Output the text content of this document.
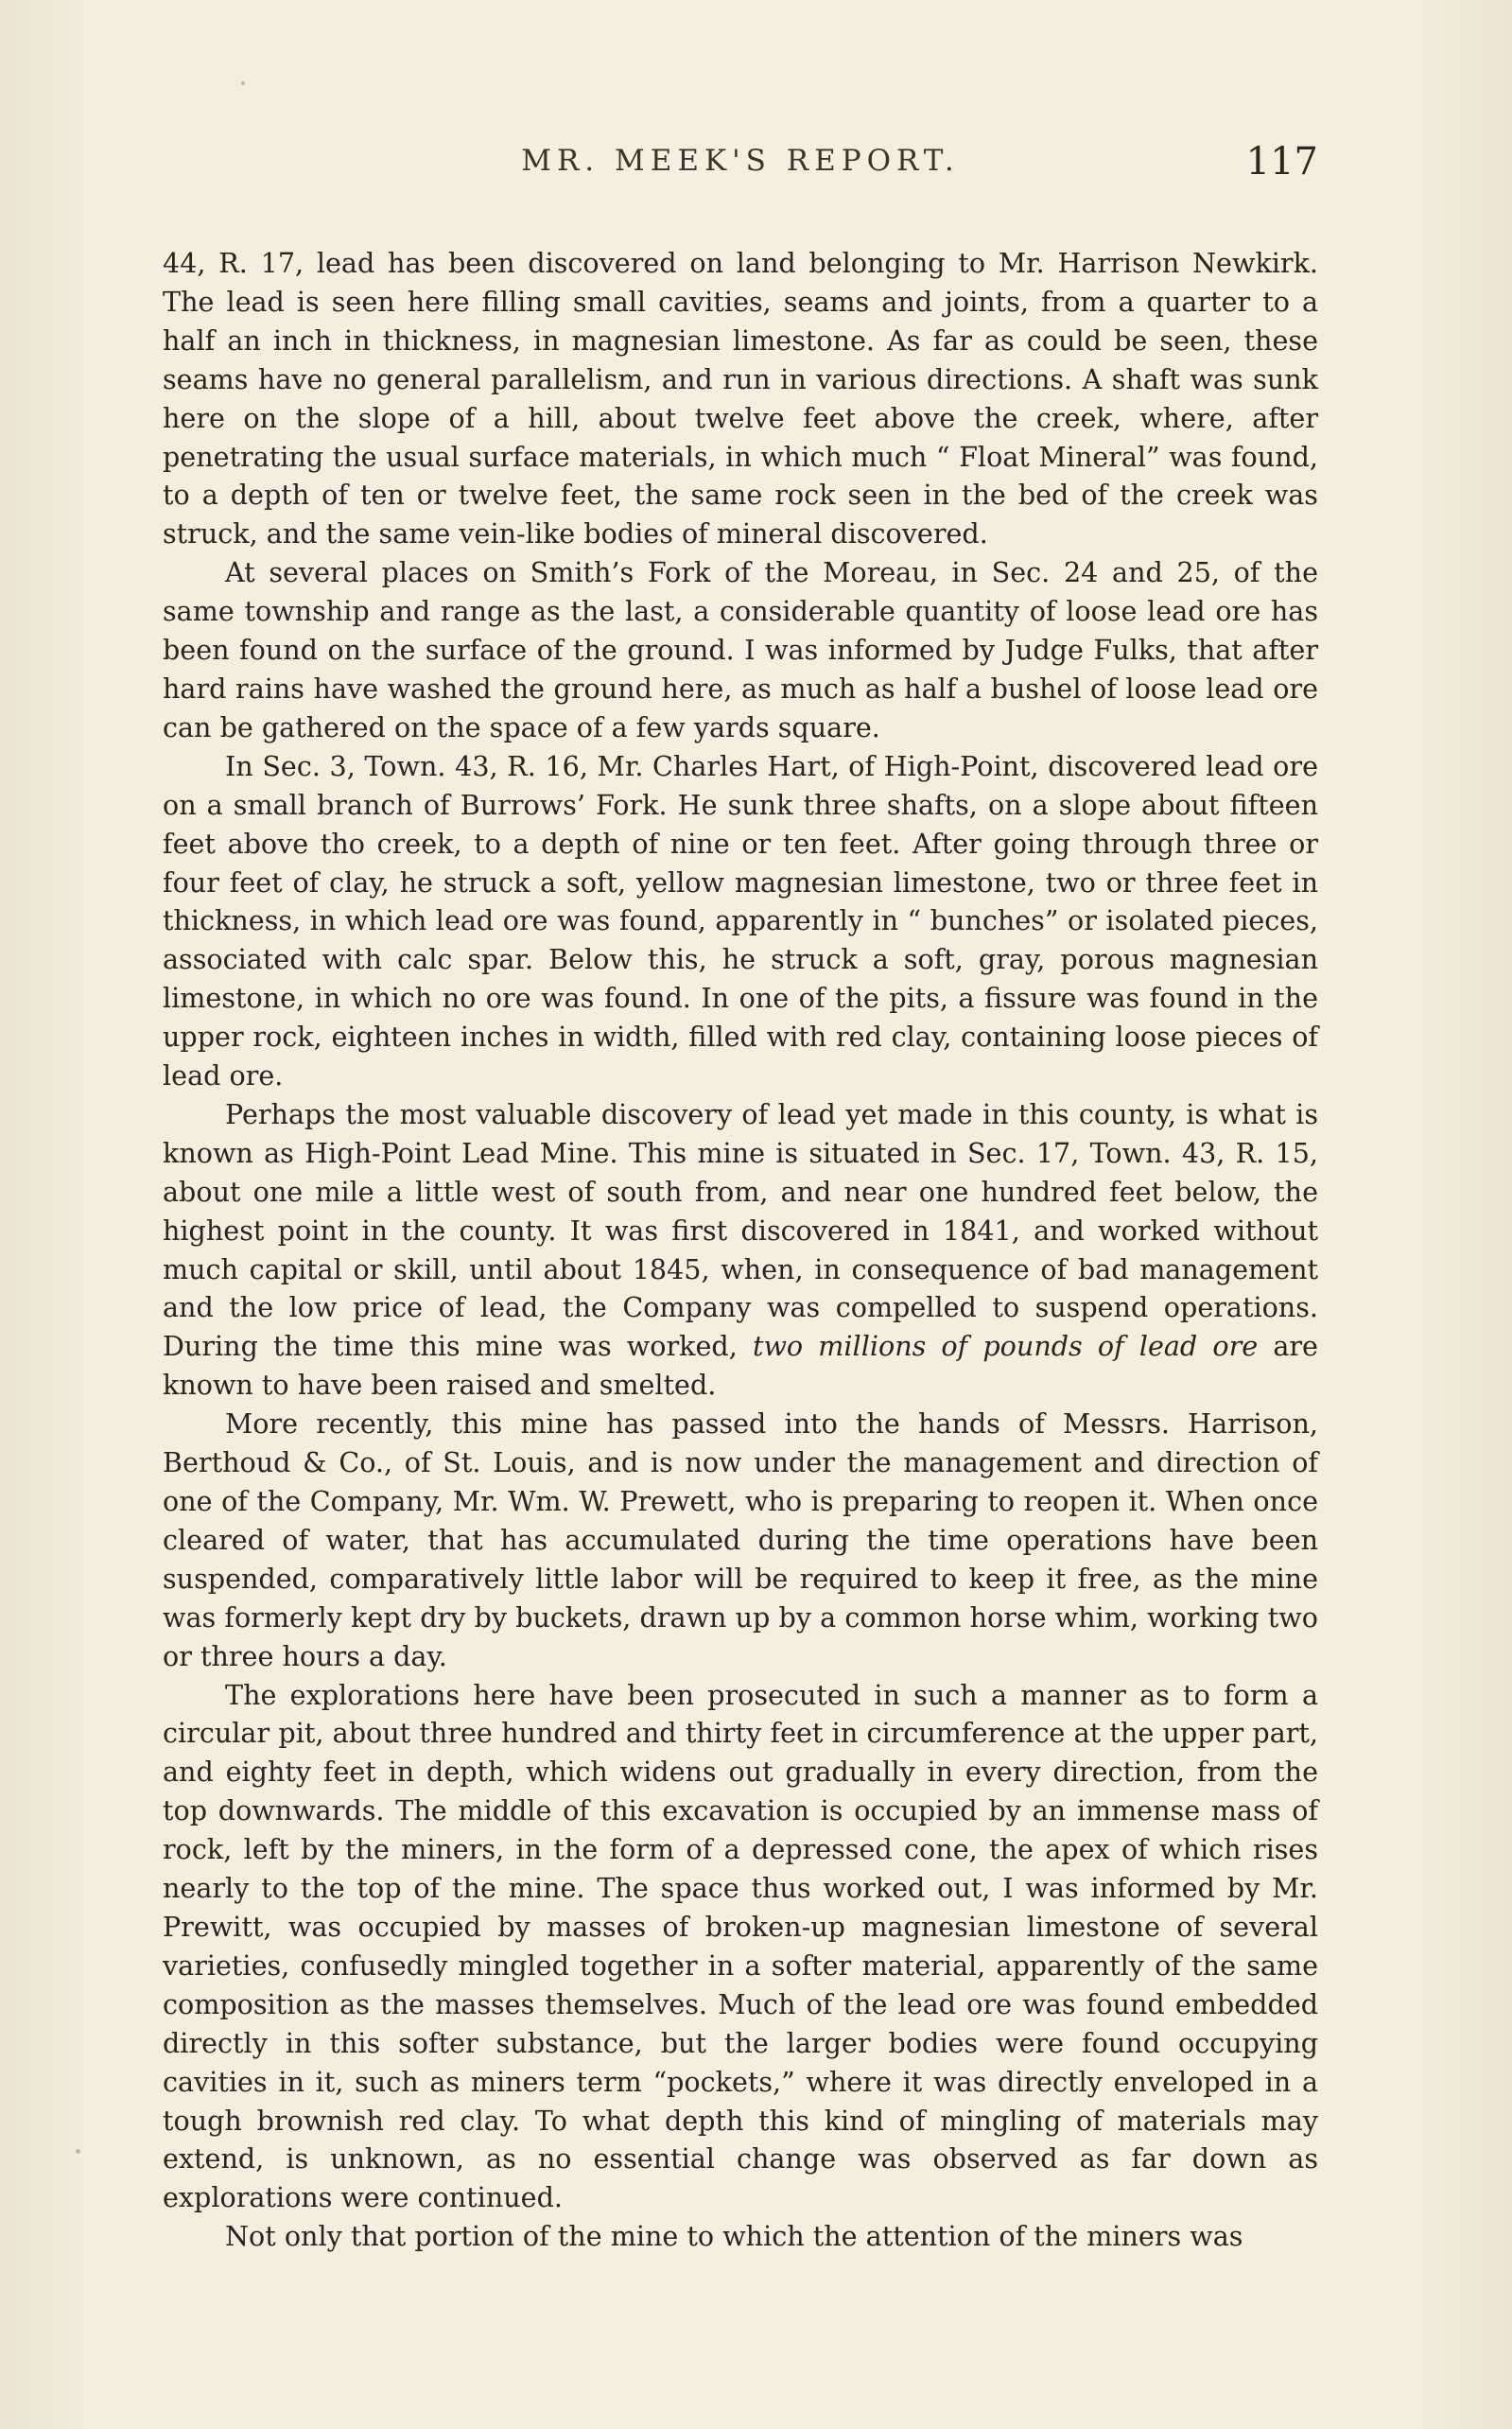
MR. MEEK'S REPORT.	117

44, R. 17, lead has been discovered on land belonging to Mr. Harrison Newkirk. The lead is seen here filling small cavities, seams and joints, from a quarter to a half an inch in thickness, in magnesian limestone. As far as could be seen, these seams have no general parallelism, and run in various directions. A shaft was sunk here on the slope of a hill, about twelve feet above the creek, where, after penetrating the usual surface materials, in which much “ Float Mineral” was found, to a depth of ten or twelve feet, the same rock seen in the bed of the creek was struck, and the same vein-like bodies of mineral discovered.

At several places on Smith’s Fork of the Moreau, in Sec. 24 and 25, of the same township and range as the last, a considerable quantity of loose lead ore has been found on the surface of the ground. I was informed by Judge Fulks, that after hard rains have washed the ground here, as much as half a bushel of loose lead ore can be gathered on the space of a few yards square.

In Sec. 3, Town. 43, R. 16, Mr. Charles Hart, of High-Point, discovered lead ore on a small branch of Burrows’ Fork. He sunk three shafts, on a slope about fifteen feet above tho creek, to a depth of nine or ten feet. After going through three or four feet of clay, he struck a soft, yellow magnesian limestone, two or three feet in thickness, in which lead ore was found, apparently in “ bunches” or isolated pieces, associated with calc spar. Below this, he struck a soft, gray, porous magnesian limestone, in which no ore was found. In one of the pits, a fissure was found in the upper rock, eighteen inches in width, filled with red clay, containing loose pieces of lead ore.

Perhaps the most valuable discovery of lead yet made in this county, is what is known as High-Point Lead Mine. This mine is situated in Sec. 17, Town. 43, R. 15, about one mile a little west of south from, and near one hundred feet below, the highest point in the county. It was first discovered in 1841, and worked without much capital or skill, until about 1845, when, in consequence of bad management and the low price of lead, the Company was compelled to suspend operations. During the time this mine was worked, two millions of pounds of lead ore are known to have been raised and smelted.

More recently, this mine has passed into the hands of Messrs. Harrison, Berthoud & Co., of St. Louis, and is now under the management and direction of one of the Company, Mr. Wm. W. Prewett, who is preparing to reopen it. When once cleared of water, that has accumulated during the time operations have been suspended, comparatively little labor will be required to keep it free, as the mine was formerly kept dry by buckets, drawn up by a common horse whim, working two or three hours a day.

The explorations here have been prosecuted in such a manner as to form a circular pit, about three hundred and thirty feet in circumference at the upper part, and eighty feet in depth, which widens out gradually in every direction, from the top downwards. The middle of this excavation is occupied by an immense mass of rock, left by the miners, in the form of a depressed cone, the apex of which rises nearly to the top of the mine. The space thus worked out, I was informed by Mr. Prewitt, was occupied by masses of broken-up magnesian limestone of several varieties, confusedly mingled together in a softer material, apparently of the same composition as the masses themselves. Much of the lead ore was found embedded directly in this softer substance, but the larger bodies were found occupying cavities in it, such as miners term “pockets,” where it was directly enveloped in a tough brownish red clay. To what depth this kind of mingling of materials may extend, is unknown, as no essential change was observed as far down as explorations were continued.

Not only that portion of the mine to which the attention of the miners was
